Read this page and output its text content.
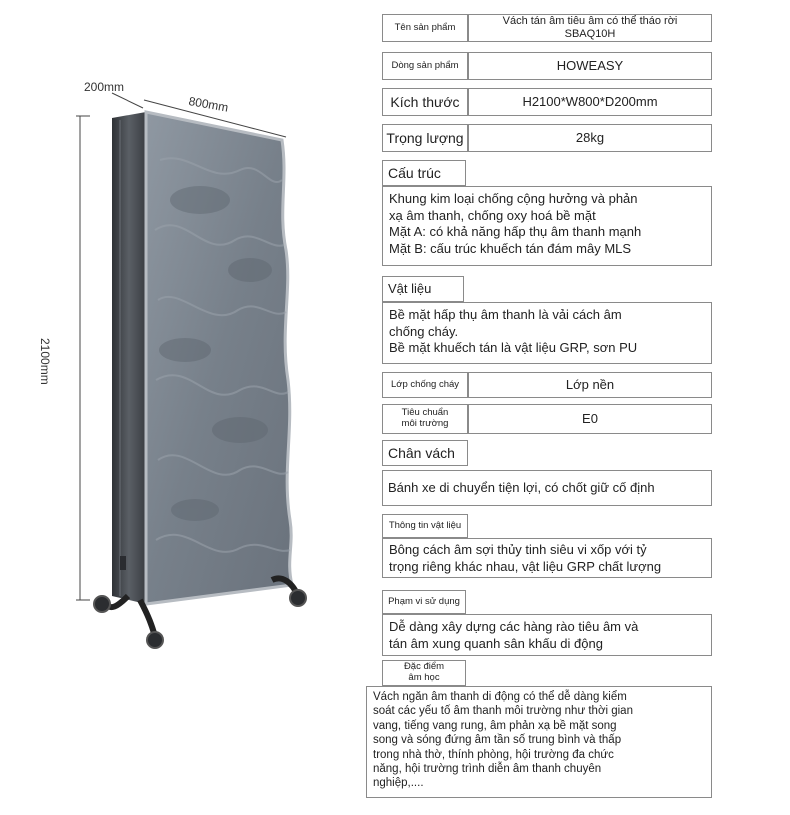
200mm
800mm
2100mm
Tên sản phẩm	Vách tán âm tiêu âm có thể tháo rời
SBAQ10H
Dòng sản phẩm	HOWEASY
Kích thước	H2100*W800*D200mm
Trọng lượng	28kg
Cấu trúc
Khung kim loại chống cộng hưởng và phản
xạ âm thanh, chống oxy hoá bề mặt
Mặt A: có khả năng hấp thụ âm thanh mạnh
Mặt B: cấu trúc khuếch tán đám mây MLS
Vật liệu
Bề mặt hấp thụ âm thanh là vải cách âm
chống cháy.
Bề mặt khuếch tán là vật liệu GRP, sơn PU
Lớp chống cháy	Lớp nền
Tiêu chuẩn
môi trường	E0
Chân vách
Bánh xe di chuyển tiện lợi, có chốt giữ cố định
Thông tin vật liệu
Bông cách âm sợi thủy tinh siêu vi xốp với tỷ
trọng riêng khác nhau, vật liệu GRP chất lượng
Phạm vi sử dụng
Dễ dàng xây dựng các hàng rào tiêu âm và
tán âm xung quanh sân khấu di động
Đặc điểm
âm học
Vách ngăn âm thanh di động có thể dễ dàng kiểm
soát các yếu tố âm thanh môi trường như thời gian
vang, tiếng vang rung, âm phản xạ bề mặt song
song và sóng đứng âm tần số trung bình và thấp
trong nhà thờ, thính phòng, hội trường đa chức
năng, hội trường trình diễn âm thanh chuyên
nghiệp,....
